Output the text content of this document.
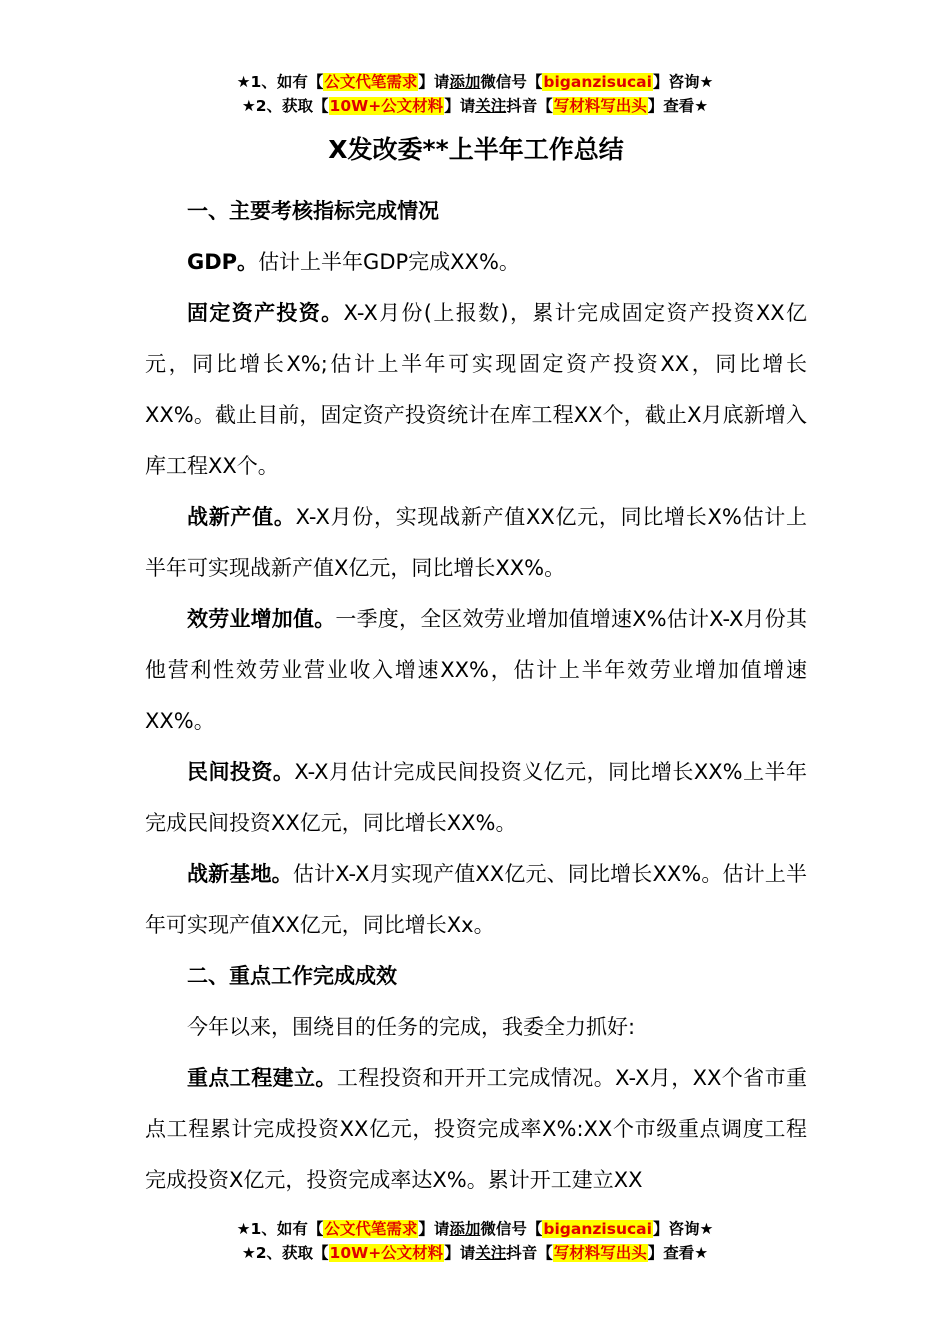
★1、如有【公文代笔需求】请添加微信号【biganzisucai】咨询★
★2、获取【10W+公文材料】请关注抖音【写材料写出头】查看★
X发改委**上半年工作总结
一、主要考核指标完成情况

GDP。估计上半年GDP完成XX%。

固定资产投资。X-X月份(上报数)，累计完成固定资产投资XX亿元，同比增长X%;估计上半年可实现固定资产投资XX，同比增长XX%。截止目前，固定资产投资统计在库工程XX个，截止X月底新增入库工程XX个。

战新产值。X-X月份，实现战新产值XX亿元，同比增长X%估计上半年可实现战新产值X亿元，同比增长XX%。

效劳业增加值。一季度，全区效劳业增加值增速X%估计X-X月份其他营利性效劳业营业收入增速XX%，估计上半年效劳业增加值增速XX%。

民间投资。X-X月估计完成民间投资义亿元，同比增长XX%上半年完成民间投资XX亿元，同比增长XX%。

战新基地。估计X-X月实现产值XX亿元、同比增长XX%。估计上半年可实现产值XX亿元，同比增长Xx。

二、重点工作完成成效

今年以来，围绕目的任务的完成，我委全力抓好:

重点工程建立。工程投资和开开工完成情况。X-X月，XX个省市重点工程累计完成投资XX亿元，投资完成率X%:XX个市级重点调度工程完成投资X亿元，投资完成率达X%。累计开工建立XX

★1、如有【公文代笔需求】请添加微信号【biganzisucai】咨询★
★2、获取【10W+公文材料】请关注抖音【写材料写出头】查看★
